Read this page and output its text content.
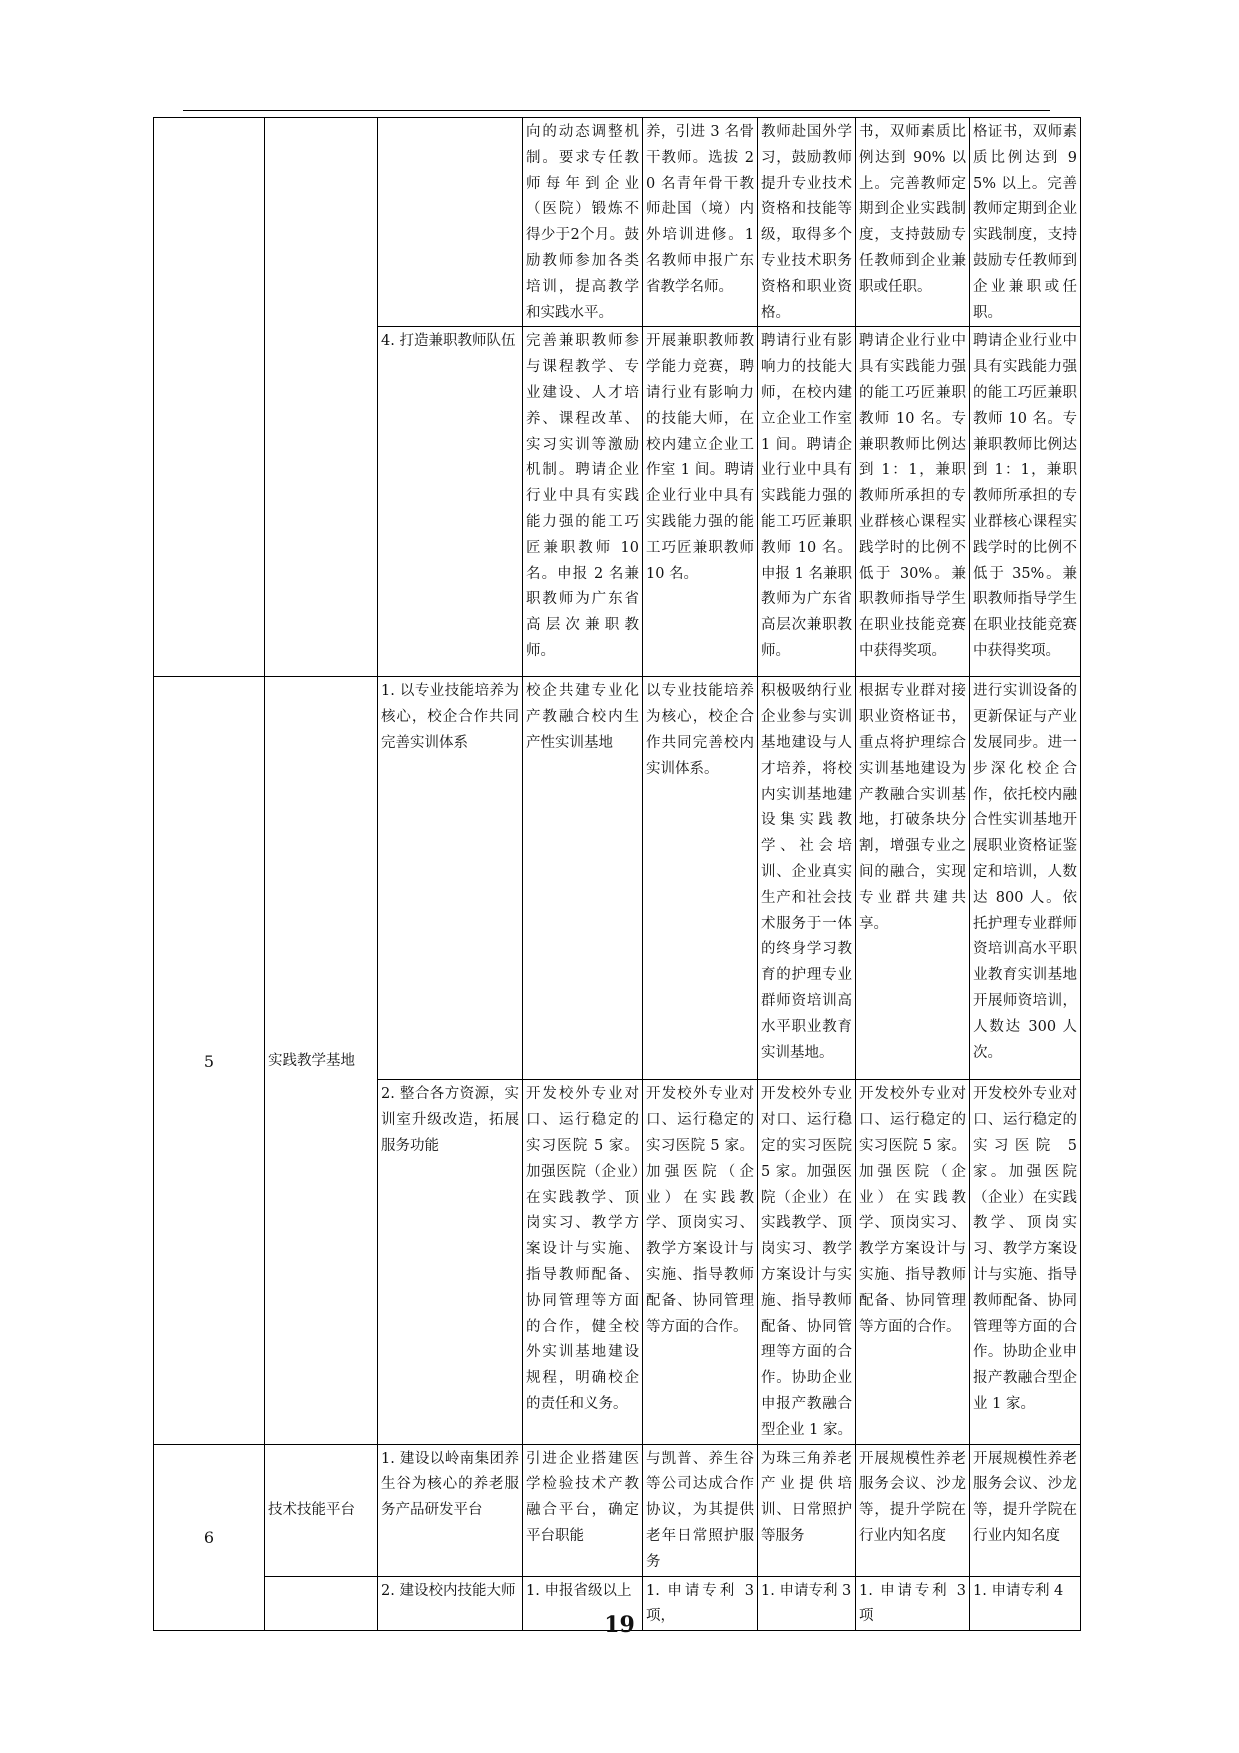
			向的动态调整机制。要求专任教师每年到企业（医院）锻炼不得少于2个月。鼓励教师参加各类培训，提高教学和实践水平。	养，引进 3 名骨干教师。选拔 20 名青年骨干教师赴国（境）内外培训进修。1 名教师申报广东省教学名师。	教师赴国外学习，鼓励教师提升专业技术资格和技能等级，取得多个专业技术职务资格和职业资格。	书，双师素质比例达到 90% 以上。完善教师定期到企业实践制度，支持鼓励专任教师到企业兼职或任职。	格证书，双师素质比例达到 95% 以上。完善教师定期到企业实践制度，支持鼓励专任教师到企业兼职或任职。
		4. 打造兼职教师队伍	完善兼职教师参与课程教学、专业建设、人才培养、课程改革、实习实训等激励机制。聘请企业行业中具有实践能力强的能工巧匠兼职教师 10 名。申报 2 名兼职教师为广东省高层次兼职教师。	开展兼职教师教学能力竞赛，聘请行业有影响力的技能大师，在校内建立企业工作室 1 间。聘请企业行业中具有实践能力强的能工巧匠兼职教师 10 名。	聘请行业有影响力的技能大师，在校内建立企业工作室 1 间。聘请企业行业中具有实践能力强的能工巧匠兼职教师 10 名。申报 1 名兼职教师为广东省高层次兼职教师。	聘请企业行业中具有实践能力强的能工巧匠兼职教师 10 名。专兼职教师比例达到 1：1，兼职教师所承担的专业群核心课程实践学时的比例不低于 30%。兼职教师指导学生在职业技能竞赛中获得奖项。	聘请企业行业中具有实践能力强的能工巧匠兼职教师 10 名。专兼职教师比例达到 1：1，兼职教师所承担的专业群核心课程实践学时的比例不低于 35%。兼职教师指导学生在职业技能竞赛中获得奖项。
5	实践教学基地	1. 以专业技能培养为核心，校企合作共同完善实训体系	校企共建专业化产教融合校内生产性实训基地	以专业技能培养为核心，校企合作共同完善校内实训体系。	积极吸纳行业企业参与实训基地建设与人才培养，将校内实训基地建设集实践教学、社会培训、企业真实生产和社会技术服务于一体的终身学习教育的护理专业群师资培训高水平职业教育实训基地。	根据专业群对接职业资格证书，重点将护理综合实训基地建设为产教融合实训基地，打破条块分割，增强专业之间的融合，实现专业群共建共享。	进行实训设备的更新保证与产业发展同步。进一步深化校企合作，依托校内融合性实训基地开展职业资格证鉴定和培训，人数达 800 人。依托护理专业群师资培训高水平职业教育实训基地开展师资培训，人数达 300 人次。
		2. 整合各方资源，实训室升级改造，拓展服务功能	开发校外专业对口、运行稳定的实习医院 5 家。加强医院（企业）在实践教学、顶岗实习、教学方案设计与实施、指导教师配备、协同管理等方面的合作，健全校外实训基地建设规程，明确校企的责任和义务。	开发校外专业对口、运行稳定的实习医院 5 家。加强医院（企业）在实践教学、顶岗实习、教学方案设计与实施、指导教师配备、协同管理等方面的合作。	开发校外专业对口、运行稳定的实习医院 5 家。加强医院（企业）在实践教学、顶岗实习、教学方案设计与实施、指导教师配备、协同管理等方面的合作。协助企业申报产教融合型企业 1 家。	开发校外专业对口、运行稳定的实习医院 5 家。加强医院（企业）在实践教学、顶岗实习、教学方案设计与实施、指导教师配备、协同管理等方面的合作。	开发校外专业对口、运行稳定的实习医院 5 家。加强医院（企业）在实践教学、顶岗实习、教学方案设计与实施、指导教师配备、协同管理等方面的合作。协助企业申报产教融合型企业 1 家。
6	技术技能平台	1. 建设以岭南集团养生谷为核心的养老服务产品研发平台	引进企业搭建医学检验技术产教融合平台，确定平台职能	与凯普、养生谷等公司达成合作协议，为其提供老年日常照护服务	为珠三角养老产业提供培训、日常照护等服务	开展规模性养老服务会议、沙龙等，提升学院在行业内知名度	开展规模性养老服务会议、沙龙等，提升学院在行业内知名度
		2. 建设校内技能大师	1. 申报省级以上	1. 申请专利 3 项，	1. 申请专利 3	1. 申请专利 3 项	1. 申请专利 4
19
